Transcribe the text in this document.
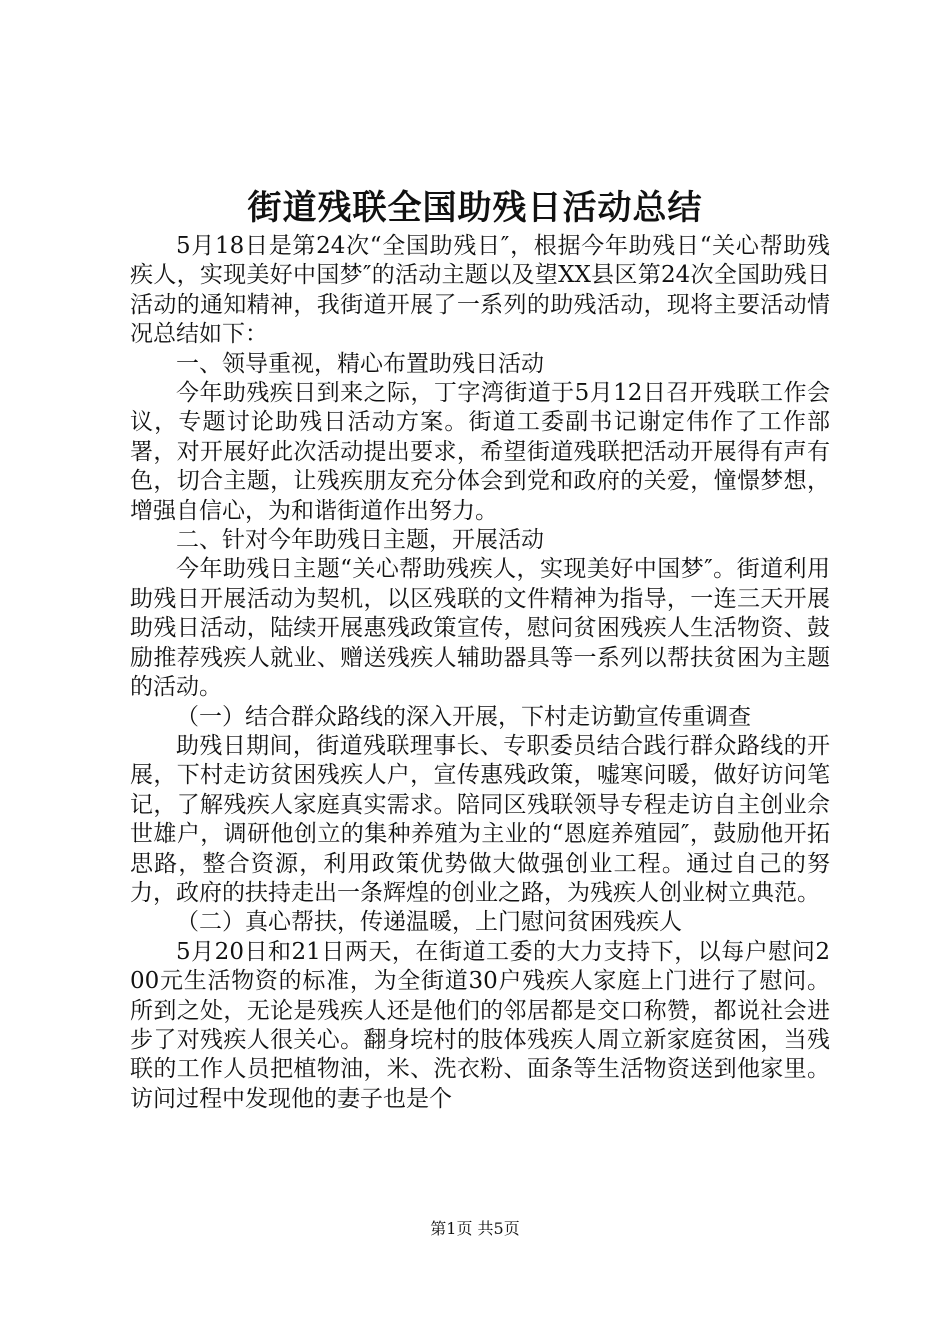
街道残联全国助残日活动总结

5月18日是第24次“全国助残日″，根据今年助残日“关心帮助残疾人，实现美好中国梦″的活动主题以及望XX县区第24次全国助残日活动的通知精神，我街道开展了一系列的助残活动，现将主要活动情况总结如下：

一、领导重视，精心布置助残日活动

今年助残疾日到来之际，丁字湾街道于5月12日召开残联工作会议，专题讨论助残日活动方案。街道工委副书记谢定伟作了工作部署，对开展好此次活动提出要求，希望街道残联把活动开展得有声有色，切合主题，让残疾朋友充分体会到党和政府的关爱，憧憬梦想，增强自信心，为和谐街道作出努力。

二、针对今年助残日主题，开展活动

今年助残日主题“关心帮助残疾人，实现美好中国梦″。街道利用助残日开展活动为契机，以区残联的文件精神为指导，一连三天开展助残日活动，陆续开展惠残政策宣传，慰问贫困残疾人生活物资、鼓励推荐残疾人就业、赠送残疾人辅助器具等一系列以帮扶贫困为主题的活动。

（一）结合群众路线的深入开展，下村走访勤宣传重调查

助残日期间，街道残联理事长、专职委员结合践行群众路线的开展，下村走访贫困残疾人户，宣传惠残政策，嘘寒问暖，做好访问笔记，了解残疾人家庭真实需求。陪同区残联领导专程走访自主创业佘世雄户，调研他创立的集种养殖为主业的“恩庭养殖园″，鼓励他开拓思路，整合资源，利用政策优势做大做强创业工程。通过自己的努力，政府的扶持走出一条辉煌的创业之路，为残疾人创业树立典范。

（二）真心帮扶，传递温暖，上门慰问贫困残疾人

5月20日和21日两天，在街道工委的大力支持下，以每户慰问200元生活物资的标准，为全街道30户残疾人家庭上门进行了慰问。所到之处，无论是残疾人还是他们的邻居都是交口称赞，都说社会进步了对残疾人很关心。翻身垸村的肢体残疾人周立新家庭贫困，当残联的工作人员把植物油，米、洗衣粉、面条等生活物资送到他家里。访问过程中发现他的妻子也是个

第1页 共5页
